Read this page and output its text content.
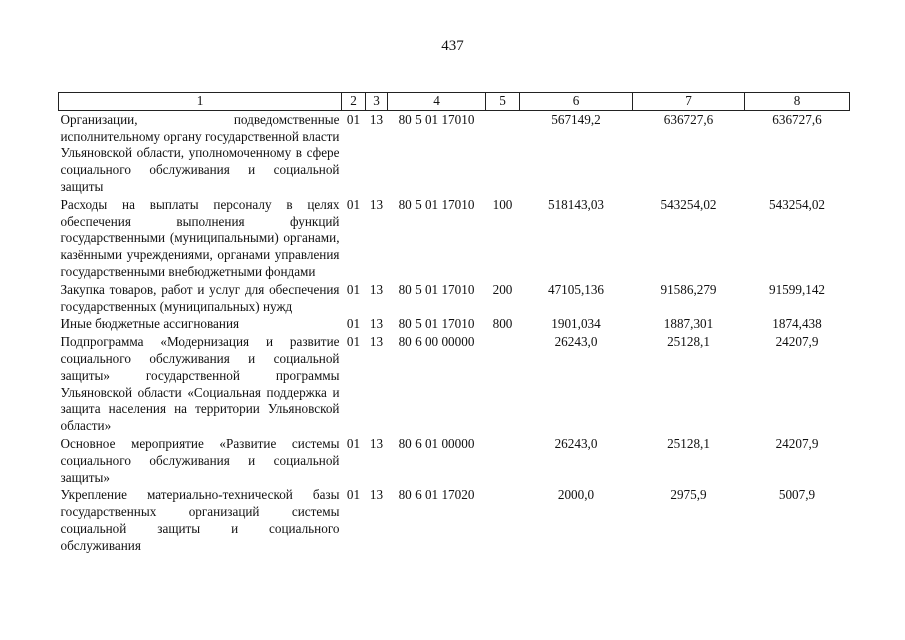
437
1	2	3	4	5	6	7	8
Организации, подведомственные исполнительному органу государственной власти Ульяновской области, уполномоченному в сфере социального обслуживания и социальной защиты	01	13	80 5 01 17010		567149,2	636727,6	636727,6
Расходы на выплаты персоналу в целях обеспечения выполнения функций государственными (муниципальными) органами, казёнными учреждениями, органами управления государственными внебюджетными фондами	01	13	80 5 01 17010	100	518143,03	543254,02	543254,02
Закупка товаров, работ и услуг для обеспечения государственных (муниципальных) нужд	01	13	80 5 01 17010	200	47105,136	91586,279	91599,142
Иные бюджетные ассигнования	01	13	80 5 01 17010	800	1901,034	1887,301	1874,438
Подпрограмма «Модернизация и развитие социального обслуживания и социальной защиты» государственной программы Ульяновской области «Социальная поддержка и защита населения на территории Ульяновской области»	01	13	80 6 00 00000		26243,0	25128,1	24207,9
Основное мероприятие «Развитие системы социального обслуживания и социальной защиты»	01	13	80 6 01 00000		26243,0	25128,1	24207,9
Укрепление материально-технической базы государственных организаций системы социальной защиты и социального обслуживания	01	13	80 6 01 17020		2000,0	2975,9	5007,9
